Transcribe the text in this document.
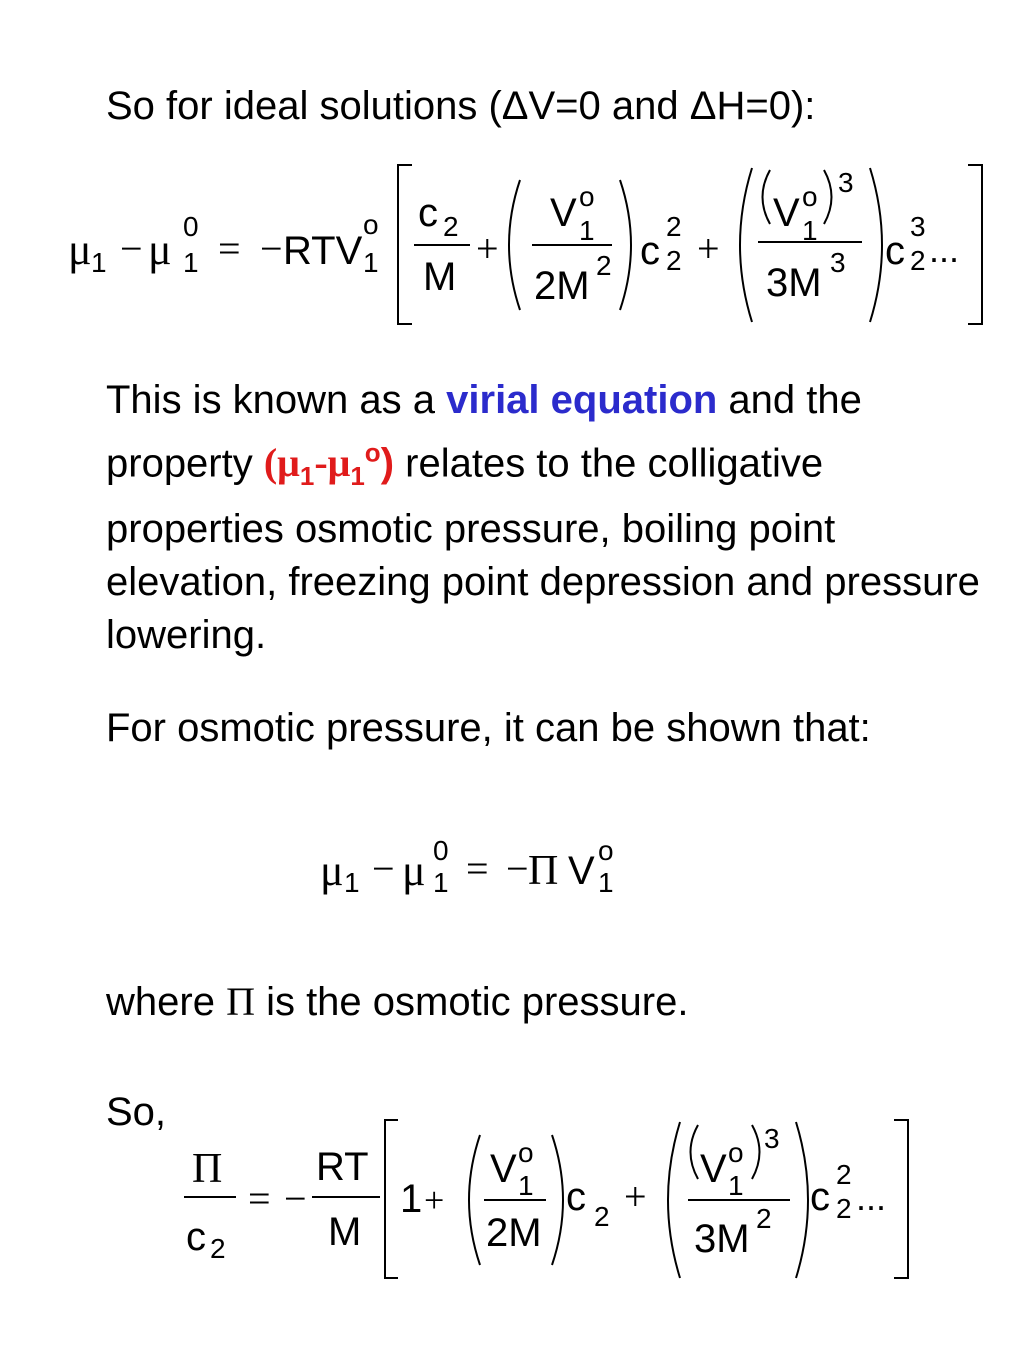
So for ideal solutions (ΔV=0 and ΔH=0):
This is known as a virial equation and the property $(\mu_1-\mu_1^o)$ relates to the colligative properties osmotic pressure, boiling point elevation, freezing point depression and pressure lowering.
For osmotic pressure, it can be shown that:
where Π is the osmotic pressure.
So,
μ 1 − μ 0
1 = − RTV
o
1
c 2
M
+
V o
1
2M 2 c
2
2 +
V o
1
3
3M 3 c
3
2 ...
μ 1 − μ 0
1 = − Π V o
1
Π
c 2
= −
RT
M
1 +
V o
1
2M
c 2 +
V o
1
3
3M 2 c
2
2 ...
